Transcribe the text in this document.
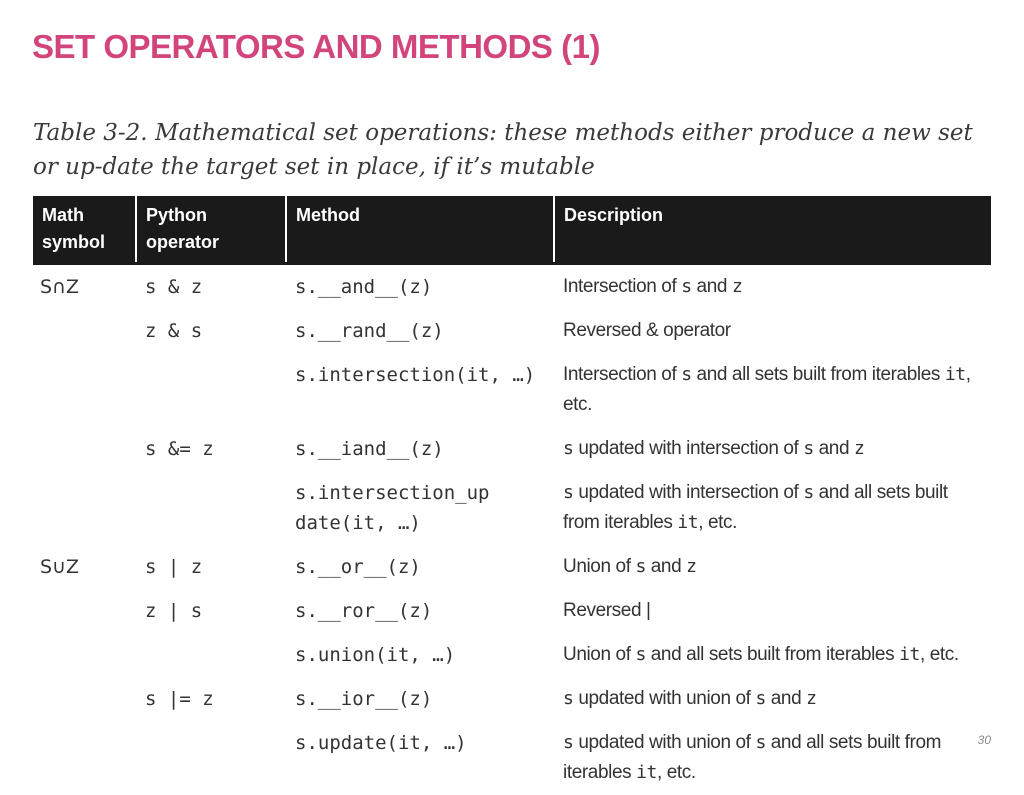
SET OPERATORS AND METHODS (1)
Table 3-2. Mathematical set operations: these methods either produce a new set or up-date the target set in place, if it’s mutable
Math symbol	Python operator	Method	Description
S∩Z	s & z	s.__and__(z)	Intersection of s and z
	z & s	s.__rand__(z)	Reversed & operator
		s.intersection(it, …)	Intersection of s and all sets built from iterables it, etc.
	s &= z	s.__iand__(z)	s updated with intersection of s and z
		s.intersection_up date(it, …)	s updated with intersection of s and all sets built from iterables it, etc.
S∪Z	s | z	s.__or__(z)	Union of s and z
	z | s	s.__ror__(z)	Reversed |
		s.union(it, …)	Union of s and all sets built from iterables it, etc.
	s |= z	s.__ior__(z)	s updated with union of s and z
		s.update(it, …)	s updated with union of s and all sets built from iterables it, etc.
30
